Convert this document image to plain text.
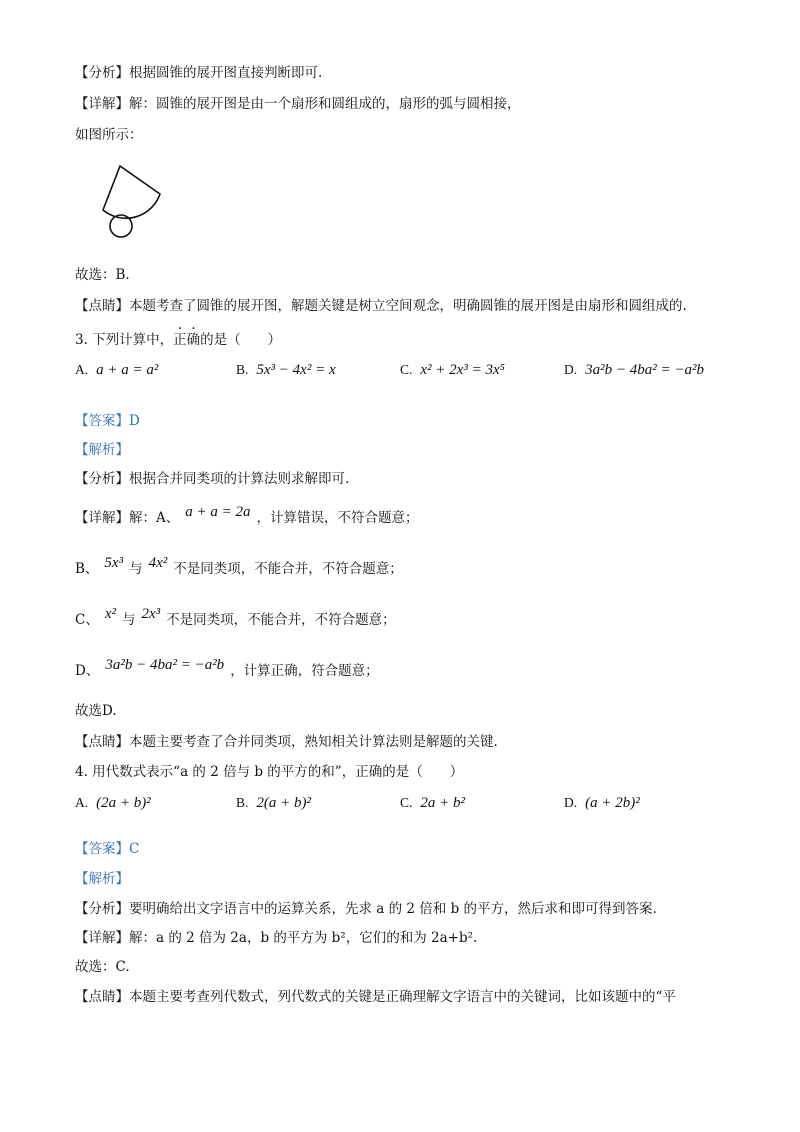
【分析】根据圆锥的展开图直接判断即可.
【详解】解：圆锥的展开图是由一个扇形和圆组成的，扇形的弧与圆相接，
如图所示：
故选：B.
【点睛】本题考查了圆锥的展开图，解题关键是树立空间观念，明确圆锥的展开图是由扇形和圆组成的.
3. 下列计算中，正确的是（　　）
A. a + a = a²	B. 5x³ − 4x² = x	C. x² + 2x³ = 3x⁵	D. 3a²b − 4ba² = −a²b
【答案】D
【解析】
【分析】根据合并同类项的计算法则求解即可.
【详解】解：A、 a + a = 2a ，计算错误，不符合题意；
B、 5x³ 与 4x² 不是同类项，不能合并，不符合题意；
C、 x² 与 2x³ 不是同类项，不能合并，不符合题意；
D、 3a²b − 4ba² = −a²b ，计算正确，符合题意；
故选D.
【点睛】本题主要考查了合并同类项，熟知相关计算法则是解题的关键.
4. 用代数式表示“a 的 2 倍与 b 的平方的和”，正确的是（　　）
A. (2a + b)²	B. 2(a + b)²	C. 2a + b²	D. (a + 2b)²
【答案】C
【解析】
【分析】要明确给出文字语言中的运算关系，先求 a 的 2 倍和 b 的平方，然后求和即可得到答案.
【详解】解：a 的 2 倍为 2a，b 的平方为 b²，它们的和为 2a+b².
故选：C.
【点睛】本题主要考查列代数式，列代数式的关键是正确理解文字语言中的关键词，比如该题中的“平
